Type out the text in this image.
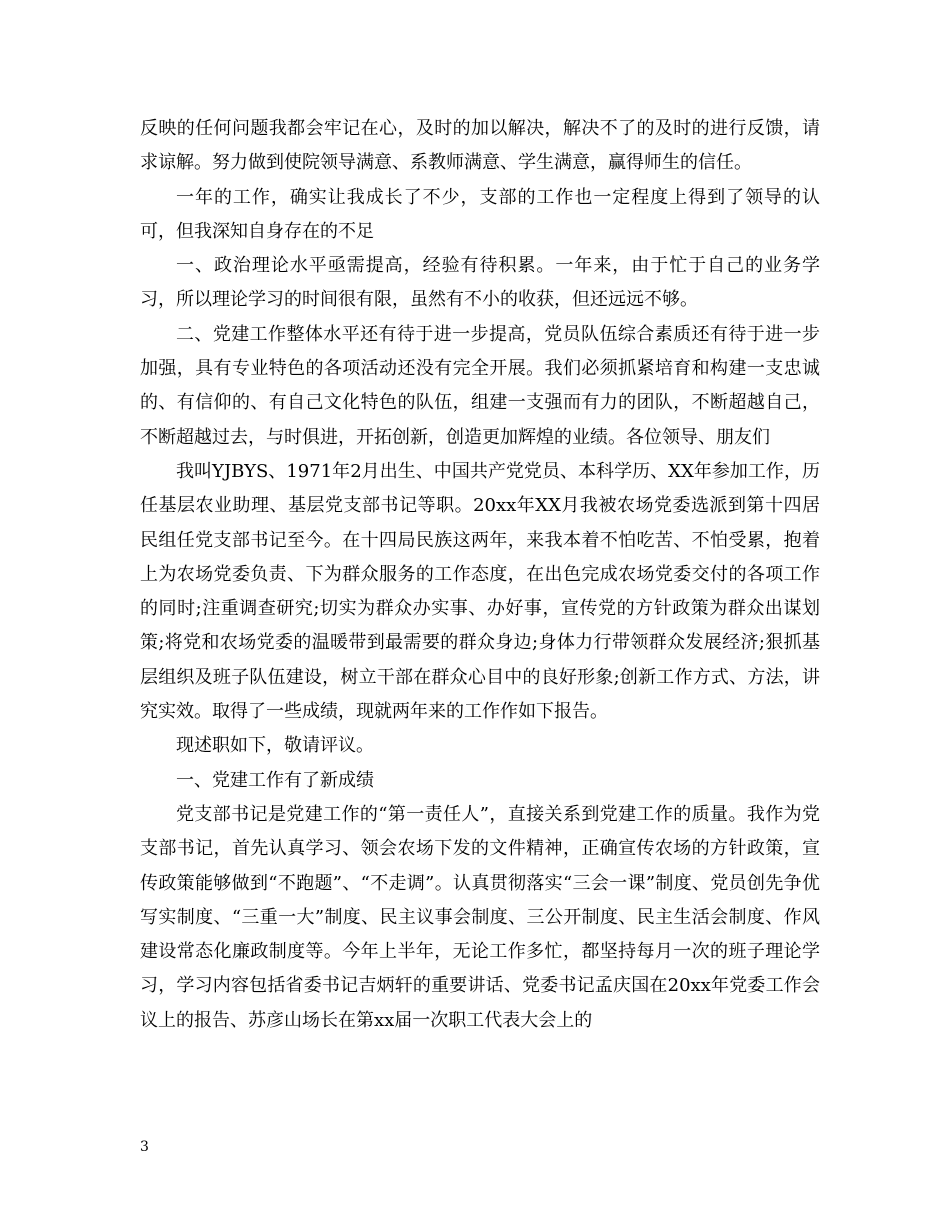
反映的任何问题我都会牢记在心，及时的加以解决，解决不了的及时的进行反馈，请求谅解。努力做到使院领导满意、系教师满意、学生满意，赢得师生的信任。

一年的工作，确实让我成长了不少，支部的工作也一定程度上得到了领导的认可，但我深知自身存在的不足

一、政治理论水平亟需提高，经验有待积累。一年来，由于忙于自己的业务学习，所以理论学习的时间很有限，虽然有不小的收获，但还远远不够。

二、党建工作整体水平还有待于进一步提高，党员队伍综合素质还有待于进一步加强，具有专业特色的各项活动还没有完全开展。我们必须抓紧培育和构建一支忠诚的、有信仰的、有自己文化特色的队伍，组建一支强而有力的团队，不断超越自己，不断超越过去，与时俱进，开拓创新，创造更加辉煌的业绩。各位领导、朋友们

我叫YJBYS、1971年2月出生、中国共产党党员、本科学历、XX年参加工作，历任基层农业助理、基层党支部书记等职。20xx年XX月我被农场党委选派到第十四居民组任党支部书记至今。在十四局民族这两年，来我本着不怕吃苦、不怕受累，抱着上为农场党委负责、下为群众服务的工作态度，在出色完成农场党委交付的各项工作的同时;注重调查研究;切实为群众办实事、办好事，宣传党的方针政策为群众出谋划策;将党和农场党委的温暖带到最需要的群众身边;身体力行带领群众发展经济;狠抓基层组织及班子队伍建设，树立干部在群众心目中的良好形象;创新工作方式、方法，讲究实效。取得了一些成绩，现就两年来的工作作如下报告。

现述职如下，敬请评议。

一、党建工作有了新成绩

党支部书记是党建工作的“第一责任人”，直接关系到党建工作的质量。我作为党支部书记，首先认真学习、领会农场下发的文件精神，正确宣传农场的方针政策，宣传政策能够做到“不跑题”、“不走调”。认真贯彻落实“三会一课”制度、党员创先争优写实制度、“三重一大”制度、民主议事会制度、三公开制度、民主生活会制度、作风建设常态化廉政制度等。今年上半年，无论工作多忙，都坚持每月一次的班子理论学习，学习内容包括省委书记吉炳轩的重要讲话、党委书记孟庆国在20xx年党委工作会议上的报告、苏彦山场长在第xx届一次职工代表大会上的

3
